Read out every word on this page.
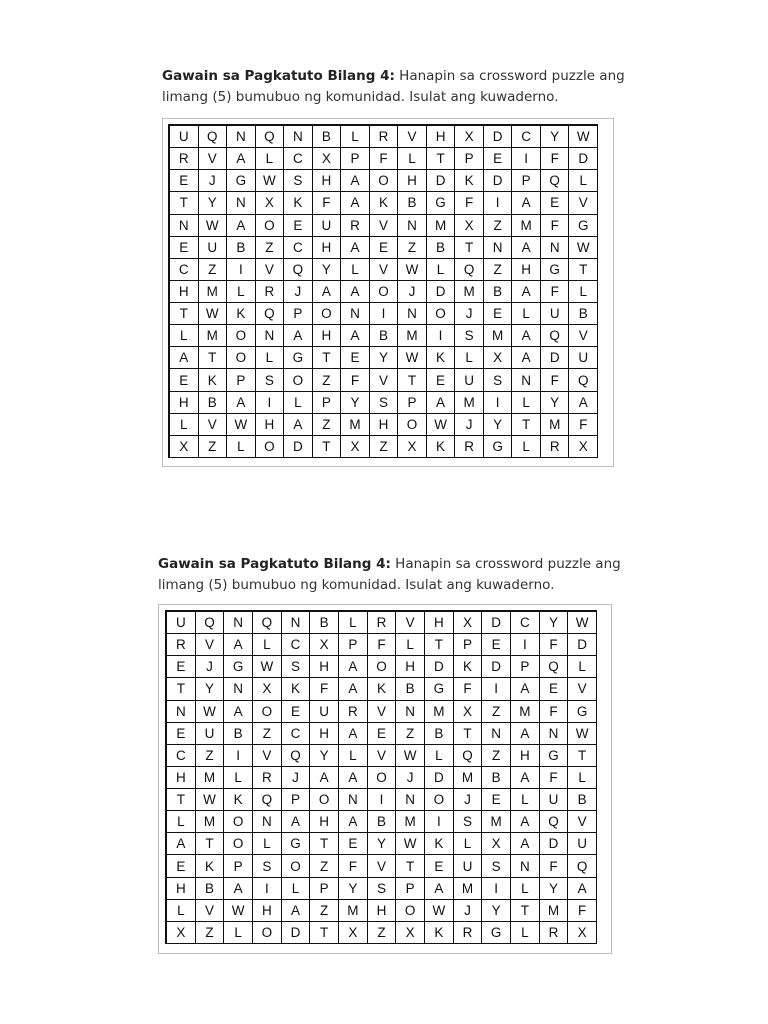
Gawain sa Pagkatuto Bilang 4: Hanapin sa crossword puzzle ang
limang (5) bumubuo ng komunidad. Isulat ang kuwaderno.
U	Q	N	Q	N	B	L	R	V	H	X	D	C	Y	W
R	V	A	L	C	X	P	F	L	T	P	E	I	F	D
E	J	G	W	S	H	A	O	H	D	K	D	P	Q	L
T	Y	N	X	K	F	A	K	B	G	F	I	A	E	V
N	W	A	O	E	U	R	V	N	M	X	Z	M	F	G
E	U	B	Z	C	H	A	E	Z	B	T	N	A	N	W
C	Z	I	V	Q	Y	L	V	W	L	Q	Z	H	G	T
H	M	L	R	J	A	A	O	J	D	M	B	A	F	L
T	W	K	Q	P	O	N	I	N	O	J	E	L	U	B
L	M	O	N	A	H	A	B	M	I	S	M	A	Q	V
A	T	O	L	G	T	E	Y	W	K	L	X	A	D	U
E	K	P	S	O	Z	F	V	T	E	U	S	N	F	Q
H	B	A	I	L	P	Y	S	P	A	M	I	L	Y	A
L	V	W	H	A	Z	M	H	O	W	J	Y	T	M	F
X	Z	L	O	D	T	X	Z	X	K	R	G	L	R	X
Gawain sa Pagkatuto Bilang 4: Hanapin sa crossword puzzle ang
limang (5) bumubuo ng komunidad. Isulat ang kuwaderno.
U	Q	N	Q	N	B	L	R	V	H	X	D	C	Y	W
R	V	A	L	C	X	P	F	L	T	P	E	I	F	D
E	J	G	W	S	H	A	O	H	D	K	D	P	Q	L
T	Y	N	X	K	F	A	K	B	G	F	I	A	E	V
N	W	A	O	E	U	R	V	N	M	X	Z	M	F	G
E	U	B	Z	C	H	A	E	Z	B	T	N	A	N	W
C	Z	I	V	Q	Y	L	V	W	L	Q	Z	H	G	T
H	M	L	R	J	A	A	O	J	D	M	B	A	F	L
T	W	K	Q	P	O	N	I	N	O	J	E	L	U	B
L	M	O	N	A	H	A	B	M	I	S	M	A	Q	V
A	T	O	L	G	T	E	Y	W	K	L	X	A	D	U
E	K	P	S	O	Z	F	V	T	E	U	S	N	F	Q
H	B	A	I	L	P	Y	S	P	A	M	I	L	Y	A
L	V	W	H	A	Z	M	H	O	W	J	Y	T	M	F
X	Z	L	O	D	T	X	Z	X	K	R	G	L	R	X
